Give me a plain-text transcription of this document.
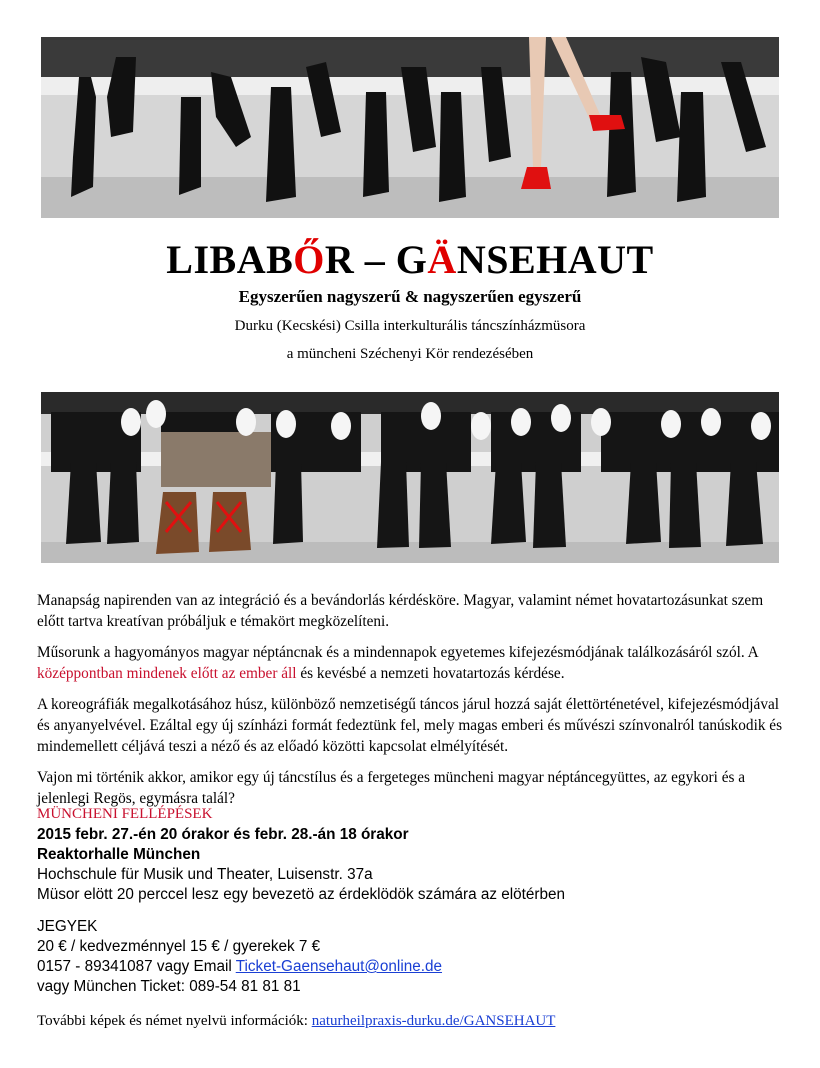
LIBABŐR – GÄNSEHAUT
Egyszerűen nagyszerű & nagyszerűen egyszerű
Durku (Kecskési) Csilla interkulturális táncszínházmüsora
a müncheni Széchenyi Kör rendezésében

Manapság napirenden van az integráció és a bevándorlás kérdésköre. Magyar, valamint német hovatartozásunkat szem előtt tartva kreatívan próbáljuk e témakört megközelíteni.

Műsorunk a hagyományos magyar néptáncnak és a mindennapok egyetemes kifejezésmódjának találkozásáról szól. A középpontban mindenek előtt az ember áll és kevésbé a nemzeti hovatartozás kérdése.

A koreográfiák megalkotásához húsz, különböző nemzetiségű táncos járul hozzá saját élettörténetével, kifejezésmódjával és anyanyelvével. Ezáltal egy új színházi formát fedeztünk fel, mely magas emberi és művészi színvonalról tanúskodik és mindemellett céljává teszi a néző és az előadó közötti kapcsolat elmélyítését.

Vajon mi történik akkor, amikor egy új táncstílus és a fergeteges müncheni magyar néptáncegyüttes, az egykori és a jelenlegi Regös, egymásra talál?

MÜNCHENI FELLÉPÉSEK
2015 febr. 27.-én 20 órakor és febr. 28.-án 18 órakor
Reaktorhalle München
Hochschule für Musik und Theater, Luisenstr. 37a
Müsor elött 20 perccel lesz egy bevezetö az érdeklödök számára az elötérben
JEGYEK
20 € / kedvezménnyel 15 € / gyerekek 7 €
0157 - 89341087 vagy Email Ticket-Gaensehaut@online.de
vagy München Ticket: 089-54 81 81 81
További képek és német nyelvü információk: naturheilpraxis-durku.de/GANSEHAUT
